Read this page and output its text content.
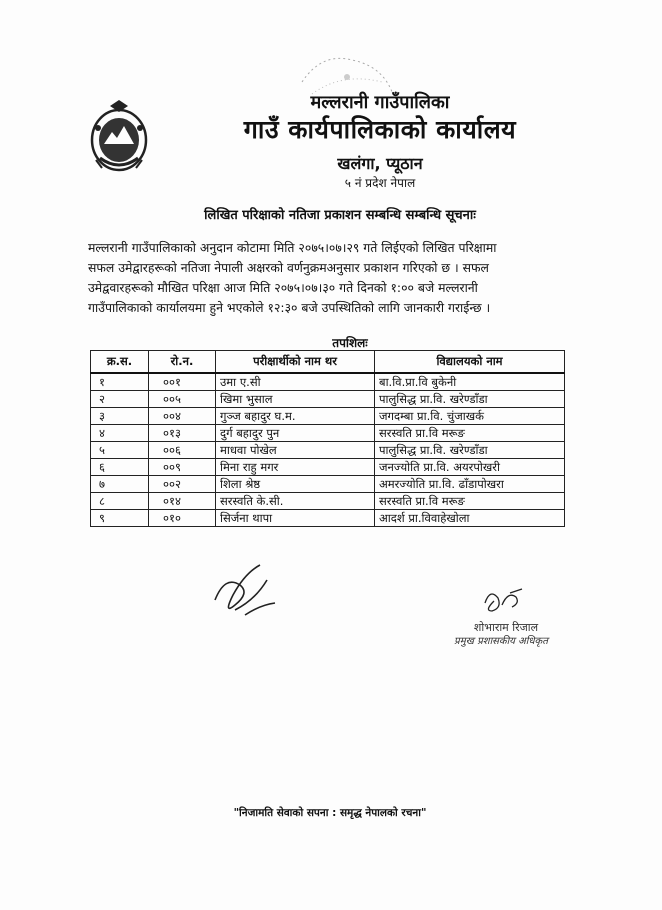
मल्लरानी गाउँपालिका
गाउँ कार्यपालिकाको कार्यालय
खलंगा, प्यूठान
५ नं प्रदेश नेपाल
लिखित परिक्षाको नतिजा प्रकाशन सम्बन्धि सम्बन्धि सूचनाः
मल्लरानी गाउँपालिकाको अनुदान कोटामा मिति २०७५।०७।२९ गते लिईएको लिखित परिक्षामा
सफल उमेद्वारहरूको नतिजा नेपाली अक्षरको वर्णनुक्रमअनुसार प्रकाशन गरिएको छ । सफल
उमेद्ववारहरूको मौखित परिक्षा आज मिति २०७५।०७।३० गते दिनको १:०० बजे मल्लरानी
गाउँपालिकाको कार्यालयमा हुने भएकोले १२:३० बजे उपस्थितिको लागि जानकारी गराईन्छ ।
तपशिलः
क्र.स.	रो.न.	परीक्षार्थीको नाम थर	विद्यालयको नाम
१	००१	उमा ए.सी	बा.वि.प्रा.वि बुकेनी
२	००५	खिमा भुसाल	पालुसिद्ध प्रा.वि. खरेण्डाँडा
३	००४	गुञ्ज बहादुर घ.म.	जगदम्बा प्रा.वि. चुंजाखर्क
४	०१३	दुर्ग बहादुर पुन	सरस्वति प्रा.वि मरूङ
५	००६	माधवा पोखेल	पालुसिद्ध प्रा.वि. खरेण्डाँडा
६	००९	मिना राहु मगर	जनज्योति प्रा.वि. अयरपोखरी
७	००२	शिला श्रेष्ठ	अमरज्योति प्रा.वि. ढाँडापोखरा
८	०१४	सरस्वति के.सी.	सरस्वति प्रा.वि मरूङ
९	०१०	सिर्जना थापा	आदर्श प्रा.विवाहेखोला
शोभाराम रिजाल
प्रमुख प्रशासकीय अधिकृत
"निजामति सेवाको सपना : समृद्ध नेपालको रचना"
